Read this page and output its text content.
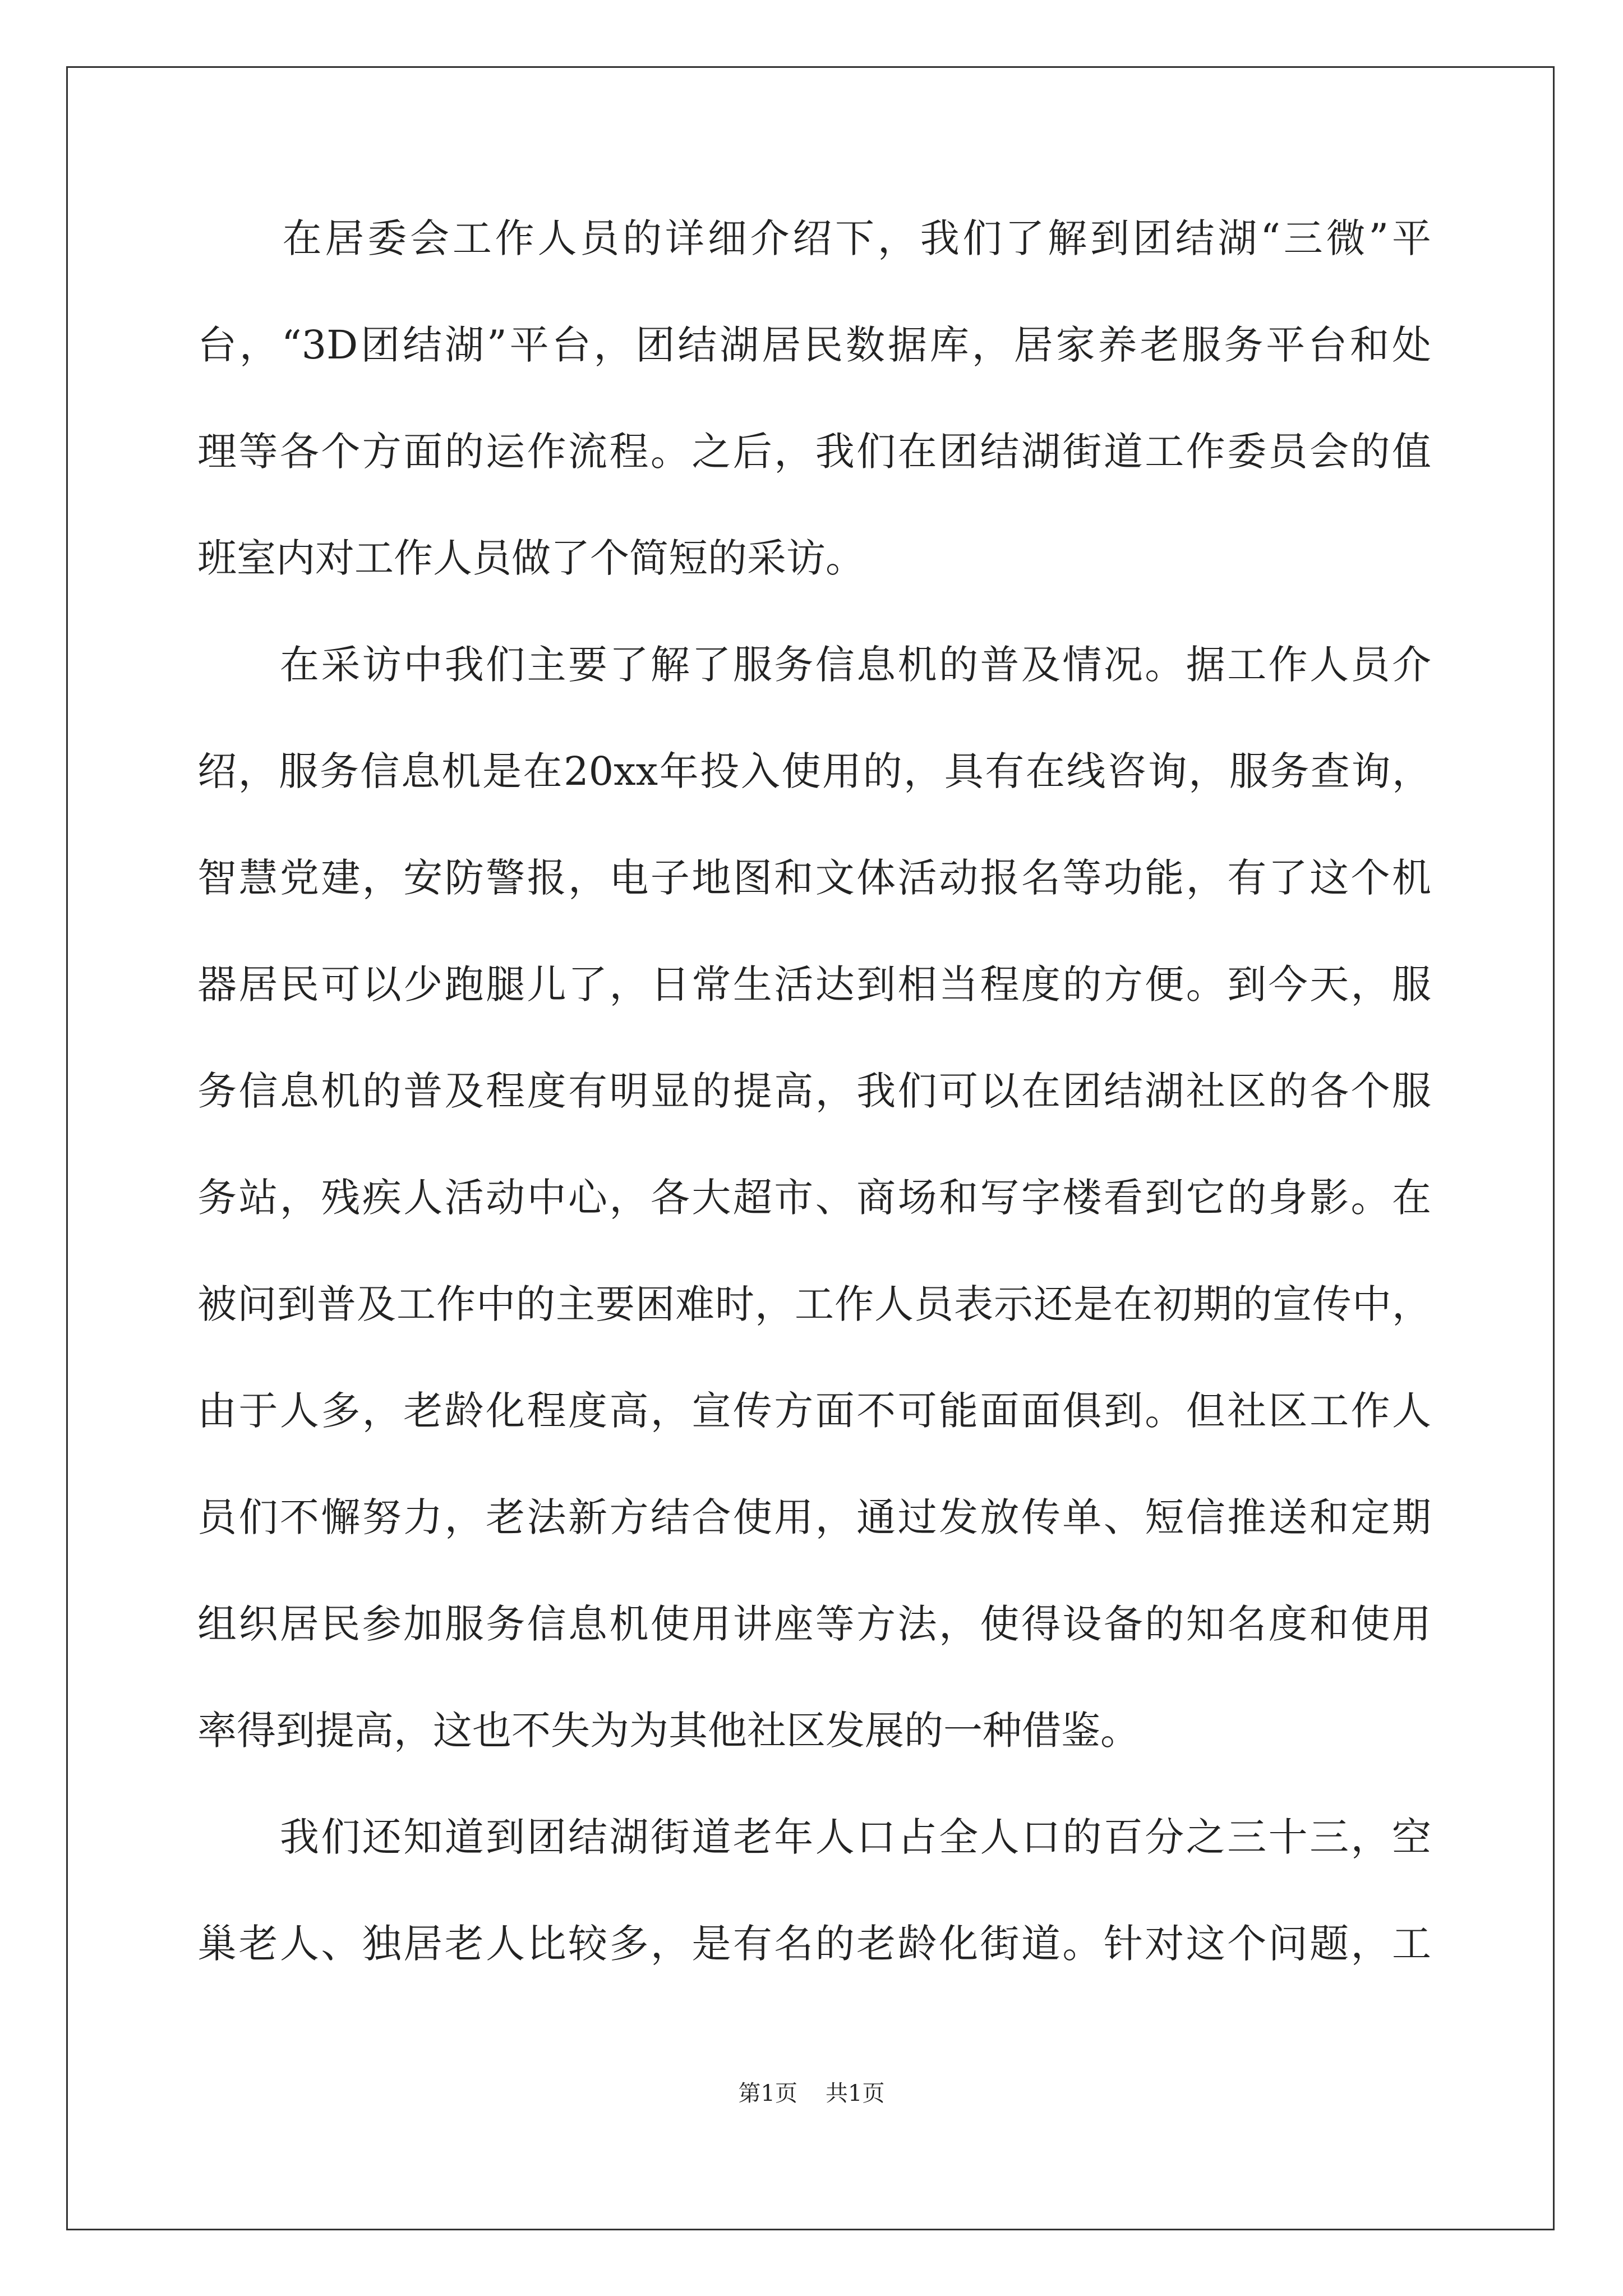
　　在居委会工作人员的详细介绍下，我们了解到团结湖“三微”平
台，“3D团结湖”平台，团结湖居民数据库，居家养老服务平台和处
理等各个方面的运作流程。之后，我们在团结湖街道工作委员会的值
班室内对工作人员做了个简短的采访。
　　在采访中我们主要了解了服务信息机的普及情况。据工作人员介
绍，服务信息机是在20xx年投入使用的，具有在线咨询，服务查询，
智慧党建，安防警报，电子地图和文体活动报名等功能，有了这个机
器居民可以少跑腿儿了，日常生活达到相当程度的方便。到今天，服
务信息机的普及程度有明显的提高，我们可以在团结湖社区的各个服
务站，残疾人活动中心，各大超市、商场和写字楼看到它的身影。在
被问到普及工作中的主要困难时，工作人员表示还是在初期的宣传中，
由于人多，老龄化程度高，宣传方面不可能面面俱到。但社区工作人
员们不懈努力，老法新方结合使用，通过发放传单、短信推送和定期
组织居民参加服务信息机使用讲座等方法，使得设备的知名度和使用
率得到提高，这也不失为为其他社区发展的一种借鉴。
　　我们还知道到团结湖街道老年人口占全人口的百分之三十三，空
巢老人、独居老人比较多，是有名的老龄化街道。针对这个问题，工
第1页 共1页
